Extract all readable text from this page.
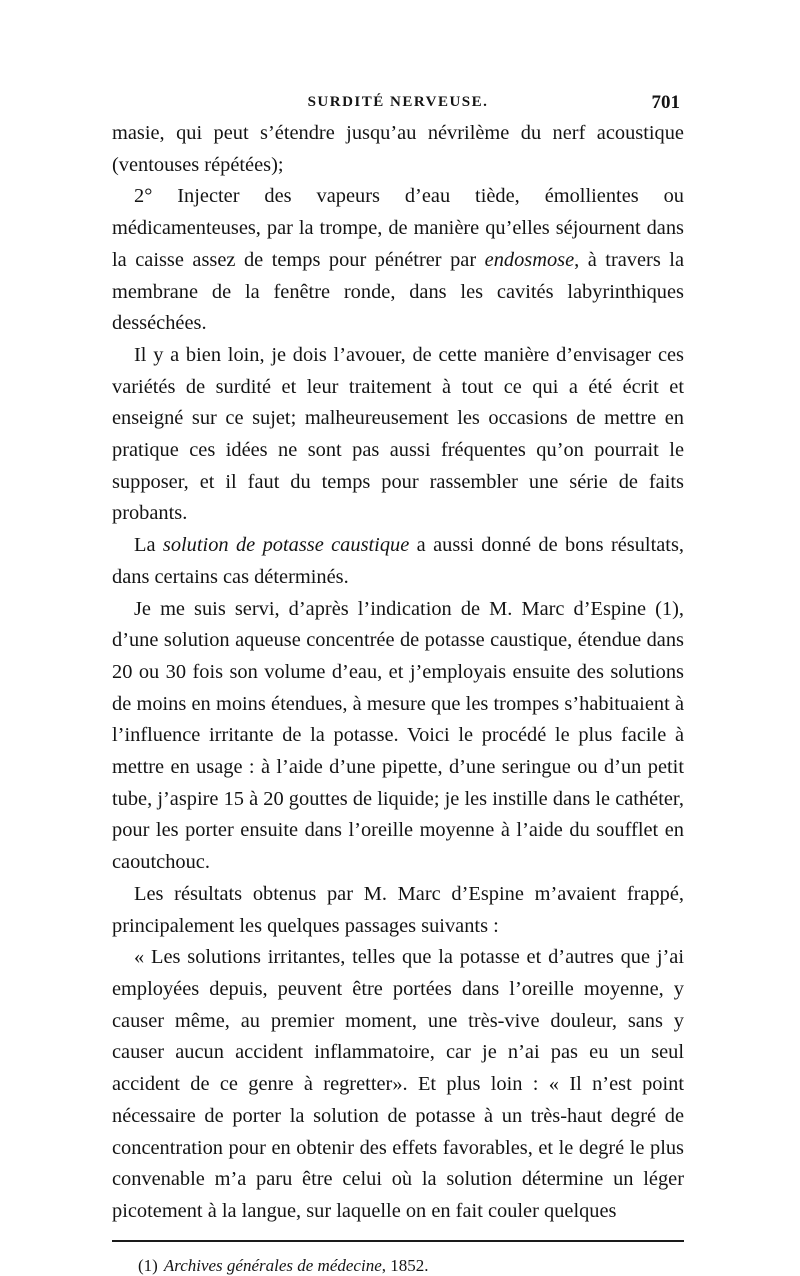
SURDITÉ NERVEUSE.	701

masie, qui peut s’étendre jusqu’au névrilème du nerf acoustique (ventouses répétées);

2° Injecter des vapeurs d’eau tiède, émollientes ou médicamenteuses, par la trompe, de manière qu’elles séjournent dans la caisse assez de temps pour pénétrer par endosmose, à travers la membrane de la fenêtre ronde, dans les cavités labyrinthiques desséchées.

Il y a bien loin, je dois l’avouer, de cette manière d’envisager ces variétés de surdité et leur traitement à tout ce qui a été écrit et enseigné sur ce sujet; malheureusement les occasions de mettre en pratique ces idées ne sont pas aussi fréquentes qu’on pourrait le supposer, et il faut du temps pour rassembler une série de faits probants.

La solution de potasse caustique a aussi donné de bons résultats, dans certains cas déterminés.

Je me suis servi, d’après l’indication de M. Marc d’Espine (1), d’une solution aqueuse concentrée de potasse caustique, étendue dans 20 ou 30 fois son volume d’eau, et j’employais ensuite des solutions de moins en moins étendues, à mesure que les trompes s’habituaient à l’influence irritante de la potasse. Voici le procédé le plus facile à mettre en usage : à l’aide d’une pipette, d’une seringue ou d’un petit tube, j’aspire 15 à 20 gouttes de liquide; je les instille dans le cathéter, pour les porter ensuite dans l’oreille moyenne à l’aide du soufflet en caoutchouc.

Les résultats obtenus par M. Marc d’Espine m’avaient frappé, principalement les quelques passages suivants :

« Les solutions irritantes, telles que la potasse et d’autres que j’ai employées depuis, peuvent être portées dans l’oreille moyenne, y causer même, au premier moment, une très-vive douleur, sans y causer aucun accident inflammatoire, car je n’ai pas eu un seul accident de ce genre à regretter». Et plus loin : « Il n’est point nécessaire de porter la solution de potasse à un très-haut degré de concentration pour en obtenir des effets favorables, et le degré le plus convenable m’a paru être celui où la solution détermine un léger picotement à la langue, sur laquelle on en fait couler quelques

(1) Archives générales de médecine, 1852.
